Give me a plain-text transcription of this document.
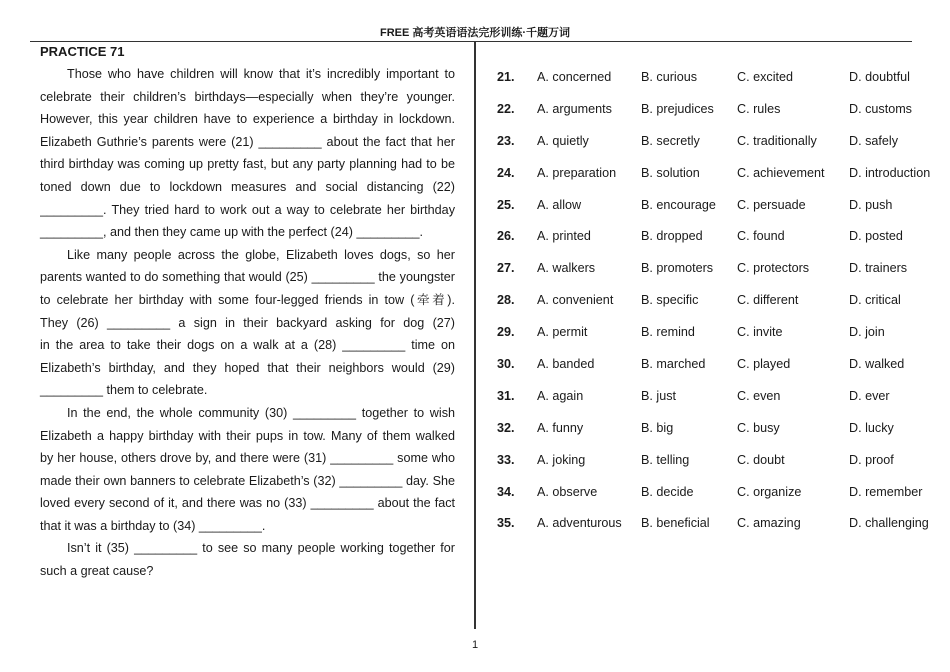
FREE 高考英语语法完形训练·千题万词
PRACTICE 71
Those who have children will know that it’s incredibly important to
celebrate their children’s birthdays—especially when they’re younger.
However, this year children have to experience a birthday in lockdown.
Elizabeth Guthrie’s parents were (21) _________ about the fact that her
third birthday was coming up pretty fast, but any party planning had to be
toned down due to lockdown measures and social distancing (22)
_________. They tried hard to work out a way to celebrate her birthday
_________, and then they came up with the perfect (24) _________.
Like many people across the globe, Elizabeth loves dogs, so her
parents wanted to do something that would (25) _________ the youngster
to celebrate her birthday with some four-legged friends in tow (牵着).
They (26) _________ a sign in their backyard asking for dog (27)
in the area to take their dogs on a walk at a (28) _________ time on
Elizabeth’s birthday, and they hoped that their neighbors would (29)
_________ them to celebrate.
In the end, the whole community (30) _________ together to wish
Elizabeth a happy birthday with their pups in tow. Many of them walked
by her house, others drove by, and there were (31) _________ some who
made their own banners to celebrate Elizabeth’s (32) _________ day. She
loved every second of it, and there was no (33) _________ about the fact
that it was a birthday to (34) _________.
Isn’t it (35) _________ to see so many people working together for
such a great cause?
21. A. concerned B. curious	C. excited	D. doubtful
22. A. arguments B. prejudices C. rules	D. customs
23. A. quietly	B. secretly	C. traditionally	D. safely
24. A. preparation B. solution	C. achievement D. introduction
25. A. allow	B. encourage C. persuade	D. push
26. A. printed	B. dropped	C. found	D. posted
27. A. walkers	B. promoters C. protectors	D. trainers
28. A. convenient B. specific	C. different	D. critical
29. A. permit	B. remind	C. invite	D. join
30. A. banded	B. marched	C. played	D. walked
31. A. again	B. just	C. even	D. ever
32. A. funny	B. big	C. busy	D. lucky
33. A. joking	B. telling	C. doubt	D. proof
34. A. observe	B. decide	C. organize	D. remember
35. A. adventurous B. beneficial C. amazing	D. challenging
1
